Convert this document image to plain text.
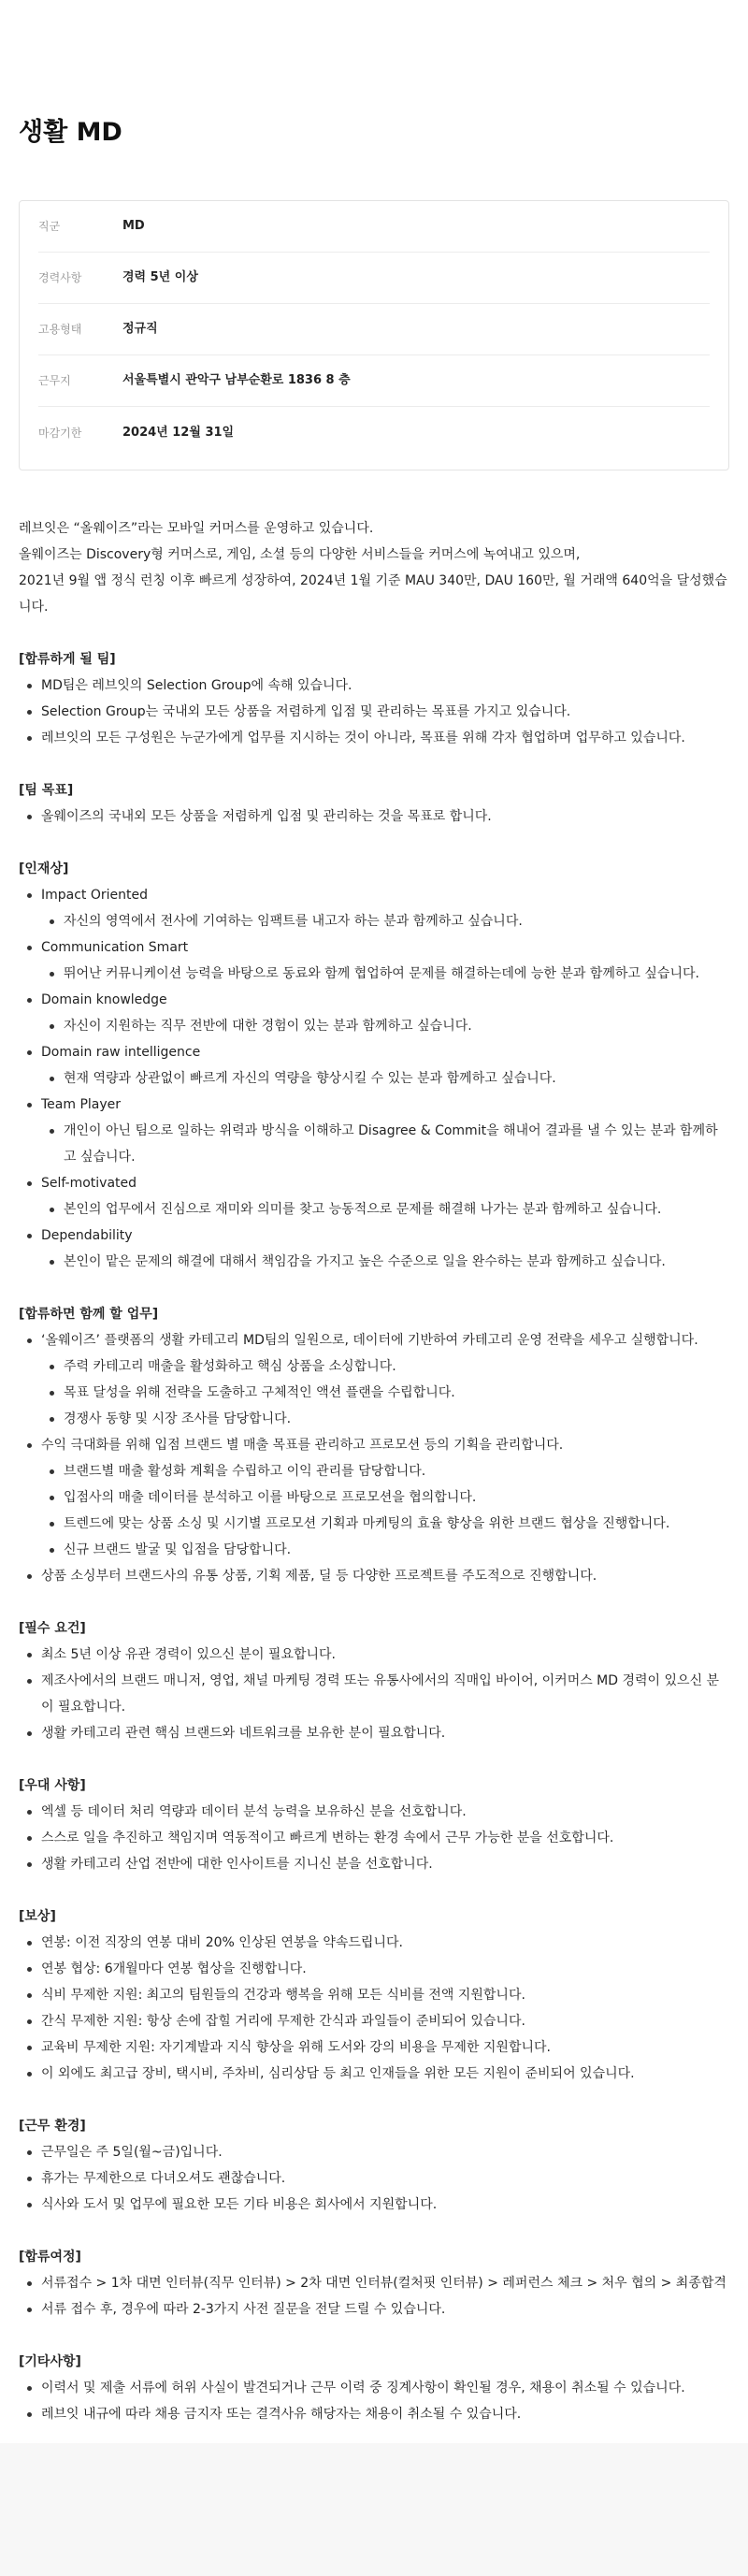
생활 MD
직군	MD
경력사항	경력 5년 이상
고용형태	정규직
근무지	서울특별시 관악구 남부순환로 1836 8 층
마감기한	2024년 12월 31일

레브잇은 “올웨이즈”라는 모바일 커머스를 운영하고 있습니다.

올웨이즈는 Discovery형 커머스로, 게임, 소셜 등의 다양한 서비스들을 커머스에 녹여내고 있으며,

2021년 9월 앱 정식 런칭 이후 빠르게 성장하여, 2024년 1월 기준 MAU 340만, DAU 160만, 월 거래액 640억을 달성했습니다.

[합류하게 될 팀]
MD팀은 레브잇의 Selection Group에 속해 있습니다.
Selection Group는 국내외 모든 상품을 저렴하게 입점 및 관리하는 목표를 가지고 있습니다.
레브잇의 모든 구성원은 누군가에게 업무를 지시하는 것이 아니라, 목표를 위해 각자 협업하며 업무하고 있습니다.
[팀 목표]
올웨이즈의 국내외 모든 상품을 저렴하게 입점 및 관리하는 것을 목표로 합니다.
[인재상]
Impact Oriented
자신의 영역에서 전사에 기여하는 임팩트를 내고자 하는 분과 함께하고 싶습니다.
Communication Smart
뛰어난 커뮤니케이션 능력을 바탕으로 동료와 함께 협업하여 문제를 해결하는데에 능한 분과 함께하고 싶습니다.
Domain knowledge
자신이 지원하는 직무 전반에 대한 경험이 있는 분과 함께하고 싶습니다.
Domain raw intelligence
현재 역량과 상관없이 빠르게 자신의 역량을 향상시킬 수 있는 분과 함께하고 싶습니다.
Team Player
개인이 아닌 팀으로 일하는 위력과 방식을 이해하고 Disagree & Commit을 해내어 결과를 낼 수 있는 분과 함께하고 싶습니다.
Self-motivated
본인의 업무에서 진심으로 재미와 의미를 찾고 능동적으로 문제를 해결해 나가는 분과 함께하고 싶습니다.
Dependability
본인이 맡은 문제의 해결에 대해서 책임감을 가지고 높은 수준으로 일을 완수하는 분과 함께하고 싶습니다.
[합류하면 함께 할 업무]
‘올웨이즈’ 플랫폼의 생활 카테고리 MD팀의 일원으로, 데이터에 기반하여 카테고리 운영 전략을 세우고 실행합니다.
주력 카테고리 매출을 활성화하고 핵심 상품을 소싱합니다.
목표 달성을 위해 전략을 도출하고 구체적인 액션 플랜을 수립합니다.
경쟁사 동향 및 시장 조사를 담당합니다.
수익 극대화를 위해 입점 브랜드 별 매출 목표를 관리하고 프로모션 등의 기획을 관리합니다.
브랜드별 매출 활성화 계획을 수립하고 이익 관리를 담당합니다.
입점사의 매출 데이터를 분석하고 이를 바탕으로 프로모션을 협의합니다.
트렌드에 맞는 상품 소싱 및 시기별 프로모션 기획과 마케팅의 효율 향상을 위한 브랜드 협상을 진행합니다.
신규 브랜드 발굴 및 입점을 담당합니다.
상품 소싱부터 브랜드사의 유통 상품, 기획 제품, 딜 등 다양한 프로젝트를 주도적으로 진행합니다.
[필수 요건]
최소 5년 이상 유관 경력이 있으신 분이 필요합니다.
제조사에서의 브랜드 매니저, 영업, 채널 마케팅 경력 또는 유통사에서의 직매입 바이어, 이커머스 MD 경력이 있으신 분이 필요합니다.
생활 카테고리 관련 핵심 브랜드와 네트워크를 보유한 분이 필요합니다.
[우대 사항]
엑셀 등 데이터 처리 역량과 데이터 분석 능력을 보유하신 분을 선호합니다.
스스로 일을 추진하고 책임지며 역동적이고 빠르게 변하는 환경 속에서 근무 가능한 분을 선호합니다.
생활 카테고리 산업 전반에 대한 인사이트를 지니신 분을 선호합니다.
[보상]
연봉: 이전 직장의 연봉 대비 20% 인상된 연봉을 약속드립니다.
연봉 협상: 6개월마다 연봉 협상을 진행합니다.
식비 무제한 지원: 최고의 팀원들의 건강과 행복을 위해 모든 식비를 전액 지원합니다.
간식 무제한 지원: 항상 손에 잡힐 거리에 무제한 간식과 과일들이 준비되어 있습니다.
교육비 무제한 지원: 자기계발과 지식 향상을 위해 도서와 강의 비용을 무제한 지원합니다.
이 외에도 최고급 장비, 택시비, 주차비, 심리상담 등 최고 인재들을 위한 모든 지원이 준비되어 있습니다.
[근무 환경]
근무일은 주 5일(월~금)입니다.
휴가는 무제한으로 다녀오셔도 괜찮습니다.
식사와 도서 및 업무에 필요한 모든 기타 비용은 회사에서 지원합니다.
[합류여정]
서류접수 > 1차 대면 인터뷰(직무 인터뷰) > 2차 대면 인터뷰(컬처핏 인터뷰) > 레퍼런스 체크 > 처우 협의 > 최종합격
서류 접수 후, 경우에 따라 2-3가지 사전 질문을 전달 드릴 수 있습니다.
[기타사항]
이력서 및 제출 서류에 허위 사실이 발견되거나 근무 이력 중 징계사항이 확인될 경우, 채용이 취소될 수 있습니다.
레브잇 내규에 따라 채용 금지자 또는 결격사유 해당자는 채용이 취소될 수 있습니다.
